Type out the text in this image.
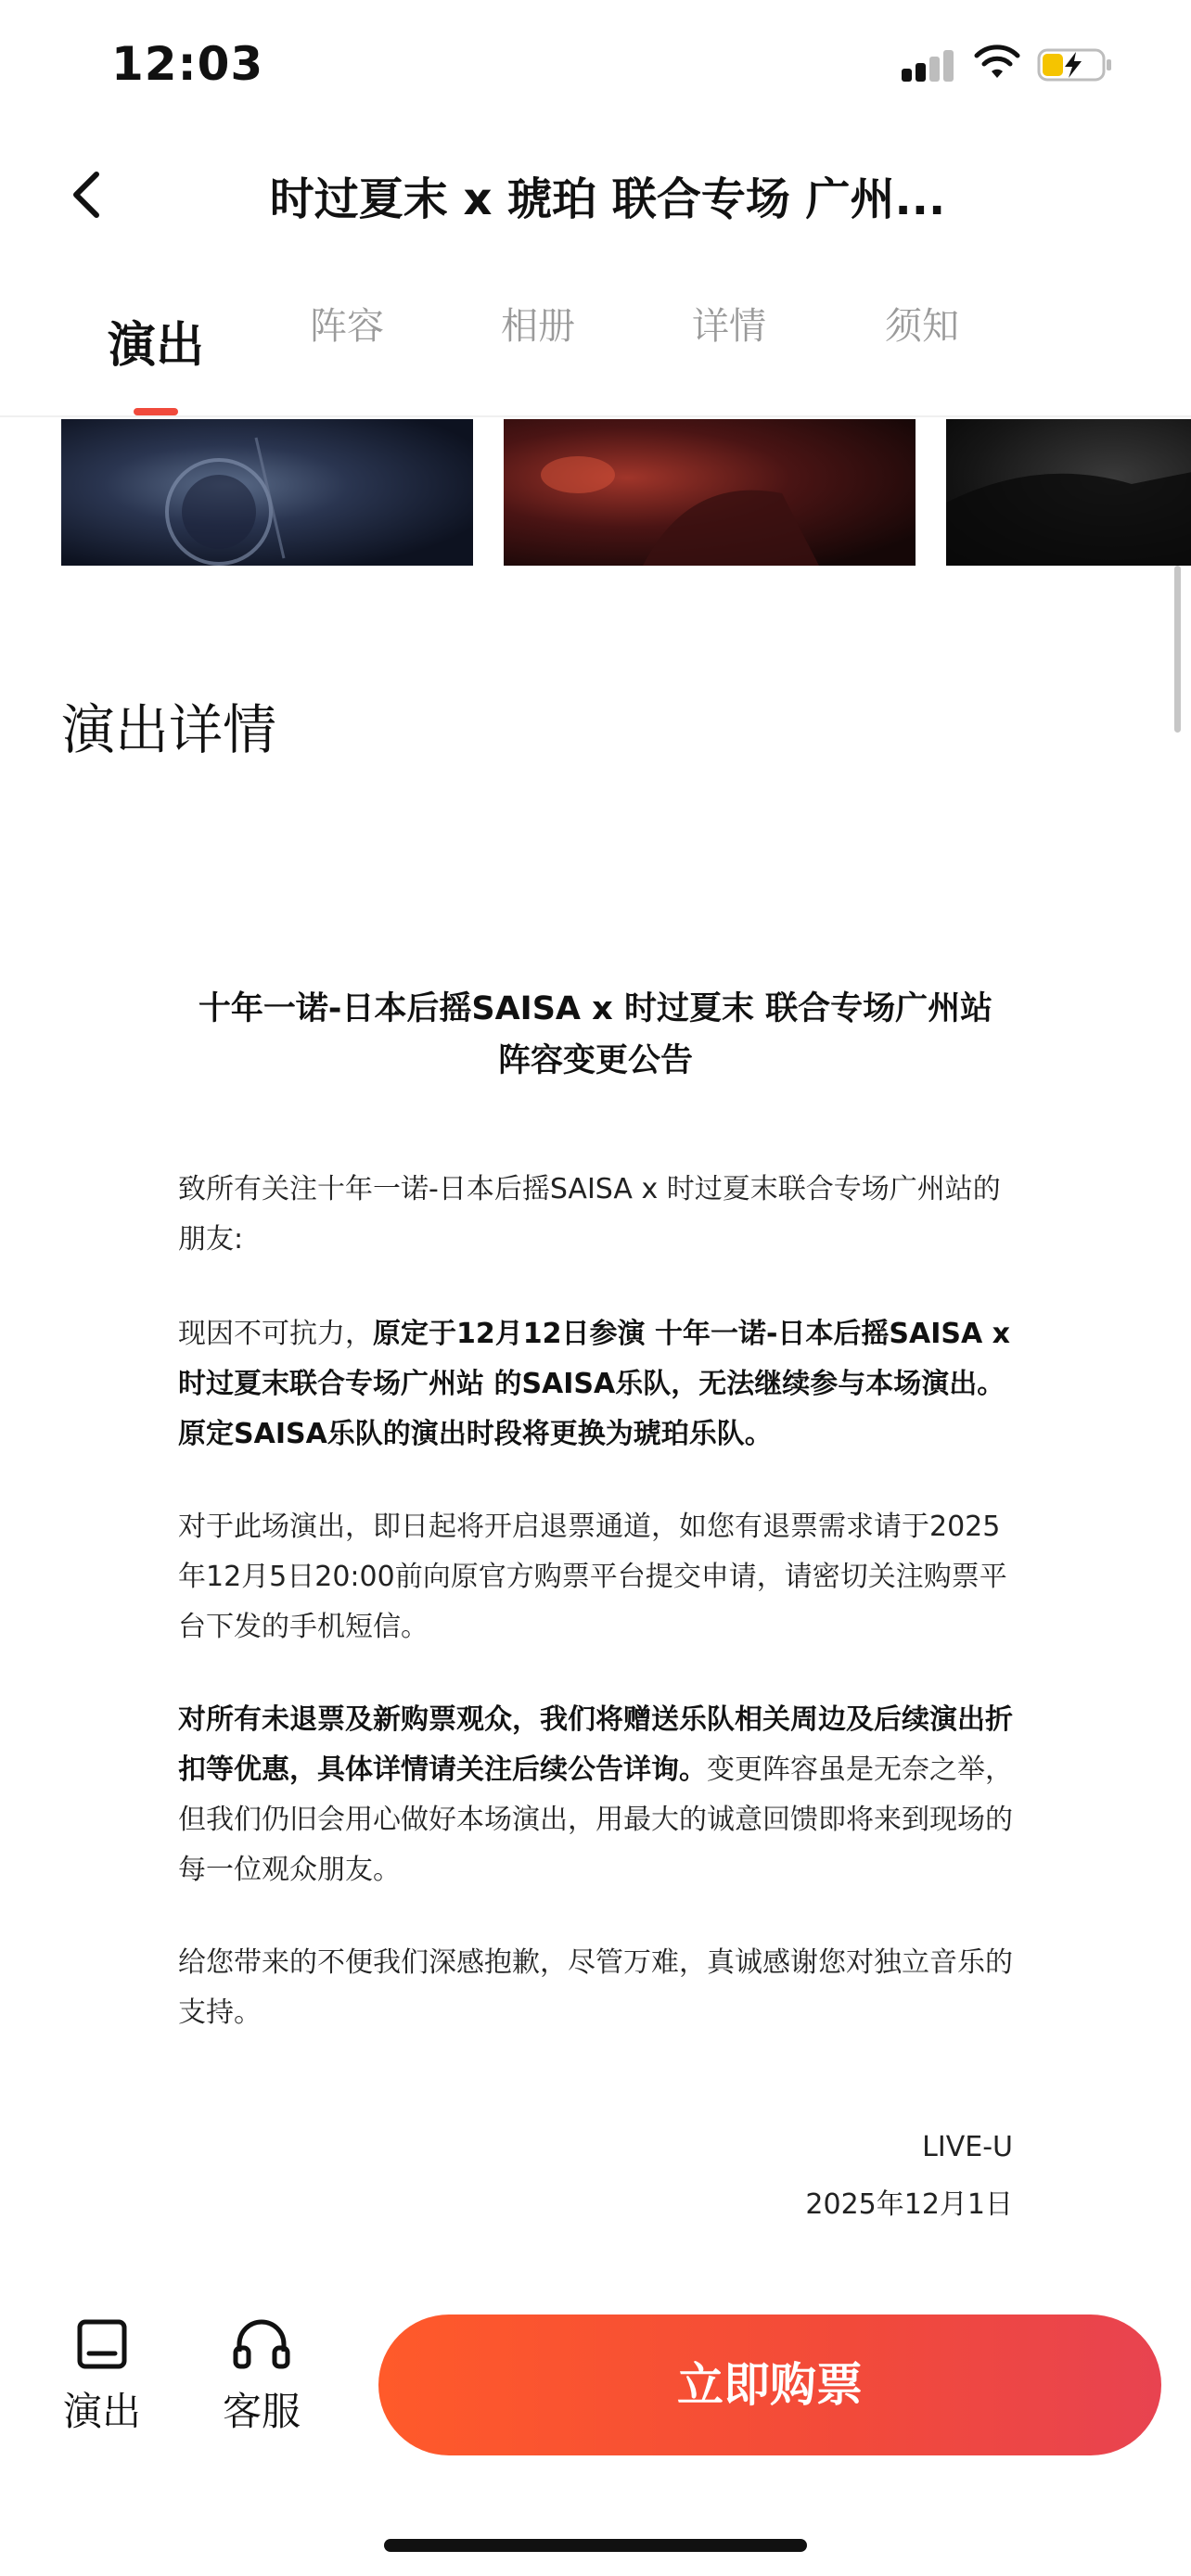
12:03
时过夏末 x 琥珀 联合专场 广州...
演出	阵容	相册	详情	须知
演出详情
十年一诺-日本后摇SAISA x 时过夏末 联合专场广州站
阵容变更公告
致所有关注十年一诺-日本后摇SAISA x 时过夏末联合专场广州站的朋友:
现因不可抗力，原定于12月12日参演 十年一诺-日本后摇SAISA x 时过夏末联合专场广州站 的SAISA乐队，无法继续参与本场演出。原定SAISA乐队的演出时段将更换为琥珀乐队。
对于此场演出，即日起将开启退票通道，如您有退票需求请于2025年12月5日20:00前向原官方购票平台提交申请，请密切关注购票平台下发的手机短信。
对所有未退票及新购票观众，我们将赠送乐队相关周边及后续演出折扣等优惠，具体详情请关注后续公告详询。变更阵容虽是无奈之举，但我们仍旧会用心做好本场演出，用最大的诚意回馈即将来到现场的每一位观众朋友。
给您带来的不便我们深感抱歉，尽管万难，真诚感谢您对独立音乐的支持。
LIVE-U
2025年12月1日
演出	客服
立即购票
